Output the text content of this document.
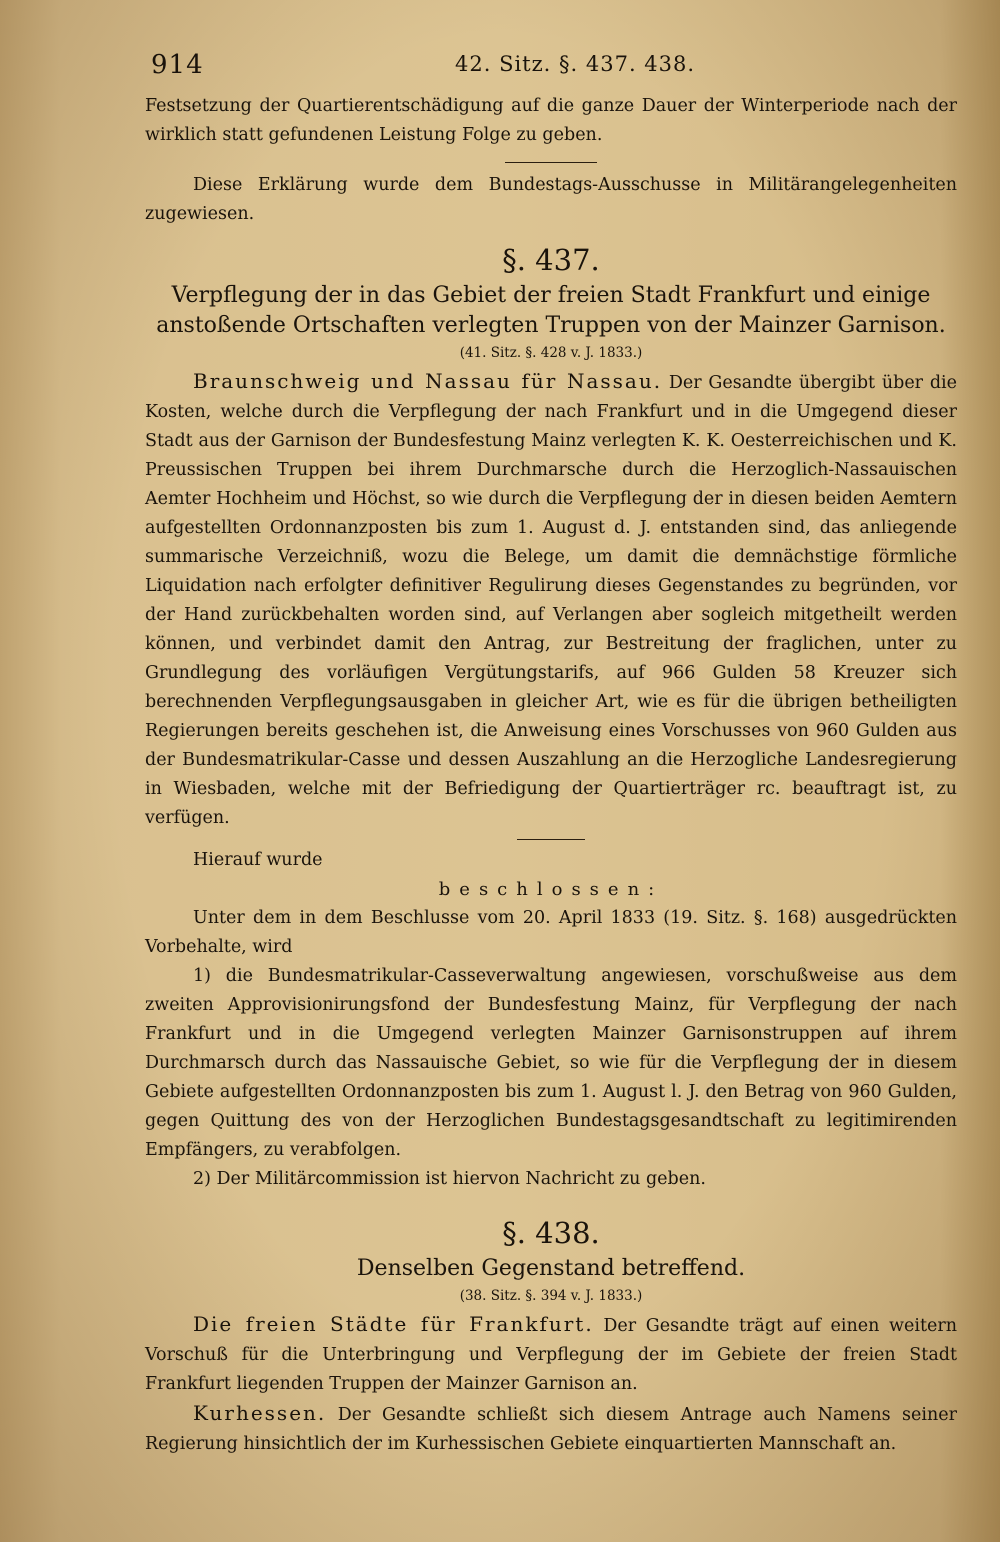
914	42. Sitz. §. 437. 438.

Festsetzung der Quartierentschädigung auf die ganze Dauer der Winterperiode nach der wirklich statt gefundenen Leistung Folge zu geben.

Diese Erklärung wurde dem Bundestags-Ausschusse in Militärangelegenheiten zugewiesen.

§. 437.

Verpflegung der in das Gebiet der freien Stadt Frankfurt und einige anstoßende Ortschaften verlegten Truppen von der Mainzer Garnison.

(41. Sitz. §. 428 v. J. 1833.)

Braunschweig und Nassau für Nassau. Der Gesandte übergibt über die Kosten, welche durch die Verpflegung der nach Frankfurt und in die Umgegend dieser Stadt aus der Garnison der Bundesfestung Mainz verlegten K. K. Oesterreichischen und K. Preussischen Truppen bei ihrem Durchmarsche durch die Herzoglich-Nassauischen Aemter Hochheim und Höchst, so wie durch die Verpflegung der in diesen beiden Aemtern aufgestellten Ordonnanzposten bis zum 1. August d. J. entstanden sind, das anliegende summarische Verzeichniß, wozu die Belege, um damit die demnächstige förmliche Liquidation nach erfolgter definitiver Regulirung dieses Gegenstandes zu begründen, vor der Hand zurückbehalten worden sind, auf Verlangen aber sogleich mitgetheilt werden können, und verbindet damit den Antrag, zur Bestreitung der fraglichen, unter zu Grundlegung des vorläufigen Vergütungstarifs, auf 966 Gulden 58 Kreuzer sich berechnenden Verpflegungsausgaben in gleicher Art, wie es für die übrigen betheiligten Regierungen bereits geschehen ist, die Anweisung eines Vorschusses von 960 Gulden aus der Bundesmatrikular-Casse und dessen Auszahlung an die Herzogliche Landesregierung in Wiesbaden, welche mit der Befriedigung der Quartierträger rc. beauftragt ist, zu verfügen.

Hierauf wurde

beschlossen:

Unter dem in dem Beschlusse vom 20. April 1833 (19. Sitz. §. 168) ausgedrückten Vorbehalte, wird

1) die Bundesmatrikular-Casseverwaltung angewiesen, vorschußweise aus dem zweiten Approvisionirungsfond der Bundesfestung Mainz, für Verpflegung der nach Frankfurt und in die Umgegend verlegten Mainzer Garnisonstruppen auf ihrem Durchmarsch durch das Nassauische Gebiet, so wie für die Verpflegung der in diesem Gebiete aufgestellten Ordonnanzposten bis zum 1. August l. J. den Betrag von 960 Gulden, gegen Quittung des von der Herzoglichen Bundestagsgesandtschaft zu legitimirenden Empfängers, zu verabfolgen.

2) Der Militärcommission ist hiervon Nachricht zu geben.

§. 438.

Denselben Gegenstand betreffend.

(38. Sitz. §. 394 v. J. 1833.)

Die freien Städte für Frankfurt. Der Gesandte trägt auf einen weitern Vorschuß für die Unterbringung und Verpflegung der im Gebiete der freien Stadt Frankfurt liegenden Truppen der Mainzer Garnison an.

Kurhessen. Der Gesandte schließt sich diesem Antrage auch Namens seiner Regierung hinsichtlich der im Kurhessischen Gebiete einquartierten Mannschaft an.
